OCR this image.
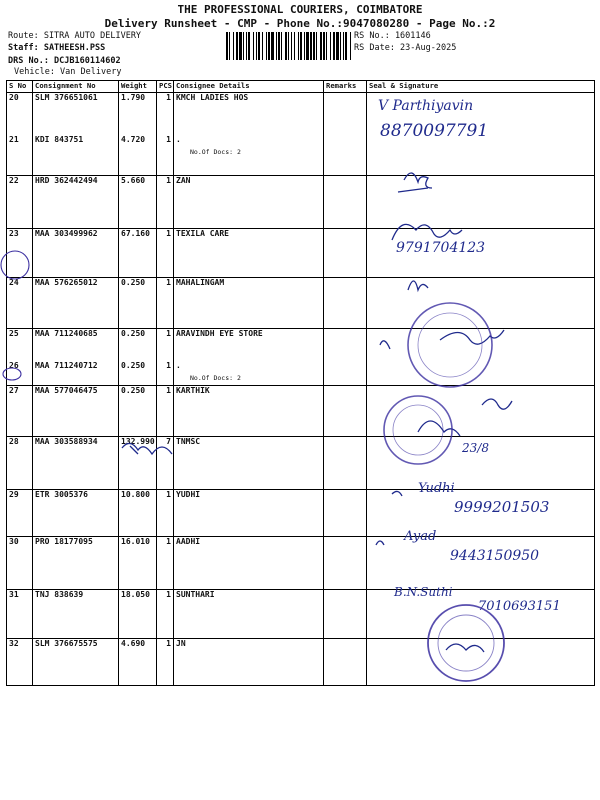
THE PROFESSIONAL COURIERS, COIMBATORE
Delivery Runsheet - CMP - Phone No.:9047080280 - Page No.:2
Route: SITRA AUTO DELIVERY
Staff: SATHEESH.PSS
DRS No.: DCJB160114602
Vehicle: Van Delivery
RS No.: 1601146
RS Date: 23-Aug-2025
S No	Consignment No	Weight	PCS	Consignee Details	Remarks	Seal & Signature
20	SLM 376651061	1.790	1	KMCH LADIES HOS		
21	KDI 843751	4.720	1	.
No.Of Docs: 2		

22	HRD 362442494	5.660	1	ZAN		
23	MAA 303499962	67.160	1	TEXILA CARE		
24	MAA 576265012	0.250	1	MAHALINGAM		
25	MAA 711240685	0.250	1	ARAVINDH EYE STORE		
26	MAA 711240712	0.250	1	.
No.Of Docs: 2		

27	MAA 577046475	0.250	1	KARTHIK		
28	MAA 303588934	132.990	7	TNMSC		
29	ETR 3005376	10.800	1	YUDHI		
30	PRO 18177095	16.010	1	AADHI		
31	TNJ 838639	18.050	1	SUNTHARI		
32	SLM 376675575	4.690	1	JN		
V Parthiyavin
8870097791
9791704123
23/8
Yudhi
9999201503
Ayad
9443150950
B.N.Suthi
7010693151
